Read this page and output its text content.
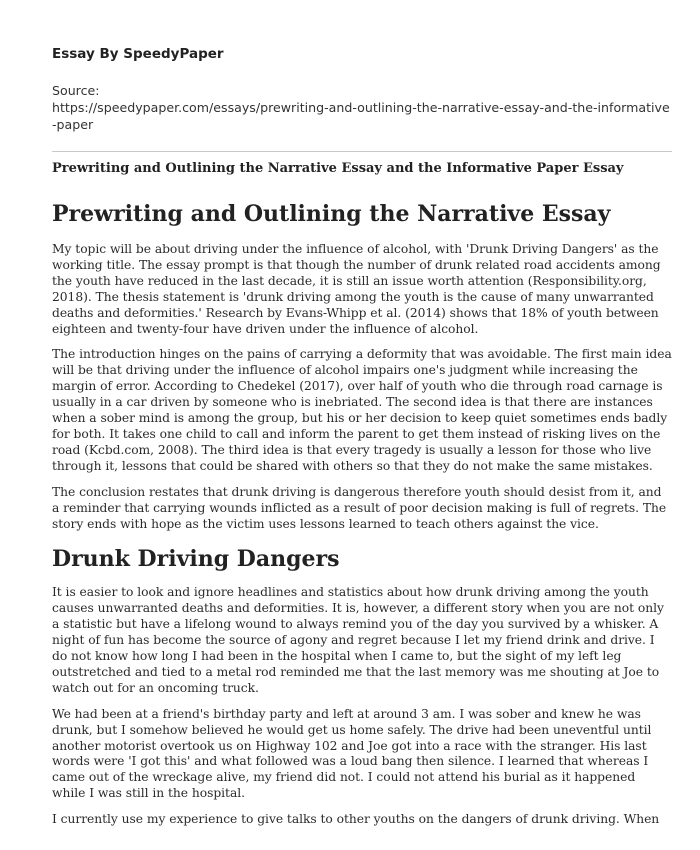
Essay By SpeedyPaper
Source:
https://speedypaper.com/essays/prewriting-and-outlining-the-narrative-essay-and-the-informative-paper
Prewriting and Outlining the Narrative Essay and the Informative Paper Essay
Prewriting and Outlining the Narrative Essay

My topic will be about driving under the influence of alcohol, with 'Drunk Driving Dangers' as the working title. The essay prompt is that though the number of drunk related road accidents among the youth have reduced in the last decade, it is still an issue worth attention (Responsibility.org, 2018). The thesis statement is 'drunk driving among the youth is the cause of many unwarranted deaths and deformities.' Research by Evans-Whipp et al. (2014) shows that 18% of youth between eighteen and twenty-four have driven under the influence of alcohol.

The introduction hinges on the pains of carrying a deformity that was avoidable. The first main idea will be that driving under the influence of alcohol impairs one's judgment while increasing the margin of error. According to Chedekel (2017), over half of youth who die through road carnage is usually in a car driven by someone who is inebriated. The second idea is that there are instances when a sober mind is among the group, but his or her decision to keep quiet sometimes ends badly for both. It takes one child to call and inform the parent to get them instead of risking lives on the road (Kcbd.com, 2008). The third idea is that every tragedy is usually a lesson for those who live through it, lessons that could be shared with others so that they do not make the same mistakes.

The conclusion restates that drunk driving is dangerous therefore youth should desist from it, and a reminder that carrying wounds inflicted as a result of poor decision making is full of regrets. The story ends with hope as the victim uses lessons learned to teach others against the vice.

Drunk Driving Dangers

It is easier to look and ignore headlines and statistics about how drunk driving among the youth causes unwarranted deaths and deformities. It is, however, a different story when you are not only a statistic but have a lifelong wound to always remind you of the day you survived by a whisker. A night of fun has become the source of agony and regret because I let my friend drink and drive. I do not know how long I had been in the hospital when I came to, but the sight of my left leg outstretched and tied to a metal rod reminded me that the last memory was me shouting at Joe to watch out for an oncoming truck.

We had been at a friend's birthday party and left at around 3 am. I was sober and knew he was drunk, but I somehow believed he would get us home safely. The drive had been uneventful until another motorist overtook us on Highway 102 and Joe got into a race with the stranger. His last words were 'I got this' and what followed was a loud bang then silence. I learned that whereas I came out of the wreckage alive, my friend did not. I could not attend his burial as it happened while I was still in the hospital.

I currently use my experience to give talks to other youths on the dangers of drunk driving. When
